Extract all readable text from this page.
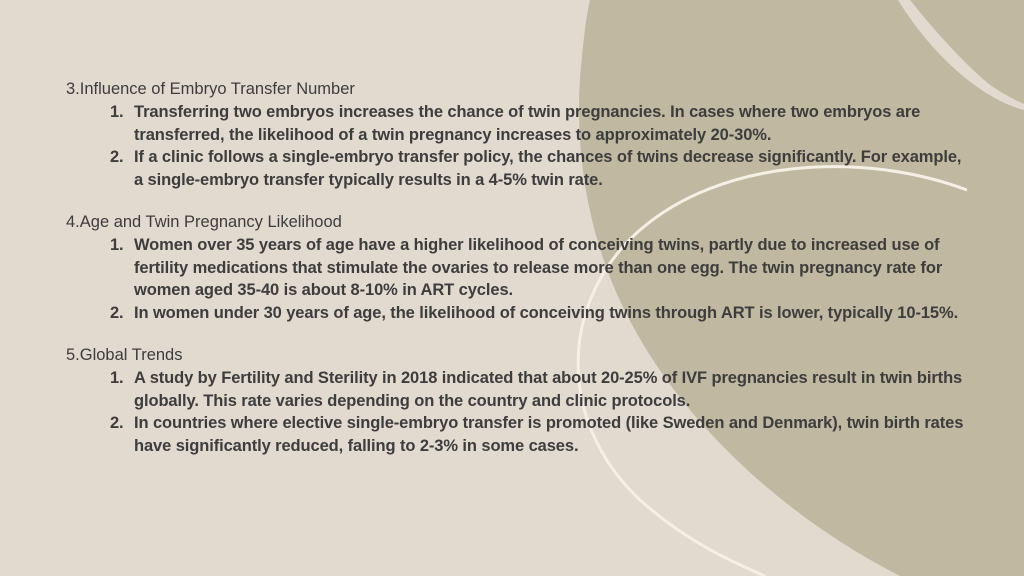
3.Influence of Embryo Transfer Number
1. Transferring two embryos increases the chance of twin pregnancies. In cases where two embryos are transferred, the likelihood of a twin pregnancy increases to approximately 20-30%.
2. If a clinic follows a single-embryo transfer policy, the chances of twins decrease significantly. For example, a single-embryo transfer typically results in a 4-5% twin rate.
4.Age and Twin Pregnancy Likelihood
1. Women over 35 years of age have a higher likelihood of conceiving twins, partly due to increased use of fertility medications that stimulate the ovaries to release more than one egg. The twin pregnancy rate for women aged 35-40 is about 8-10% in ART cycles.
2. In women under 30 years of age, the likelihood of conceiving twins through ART is lower, typically 10-15%.
5.Global Trends
1. A study by Fertility and Sterility in 2018 indicated that about 20-25% of IVF pregnancies result in twin births globally. This rate varies depending on the country and clinic protocols.
2. In countries where elective single-embryo transfer is promoted (like Sweden and Denmark), twin birth rates have significantly reduced, falling to 2-3% in some cases.
